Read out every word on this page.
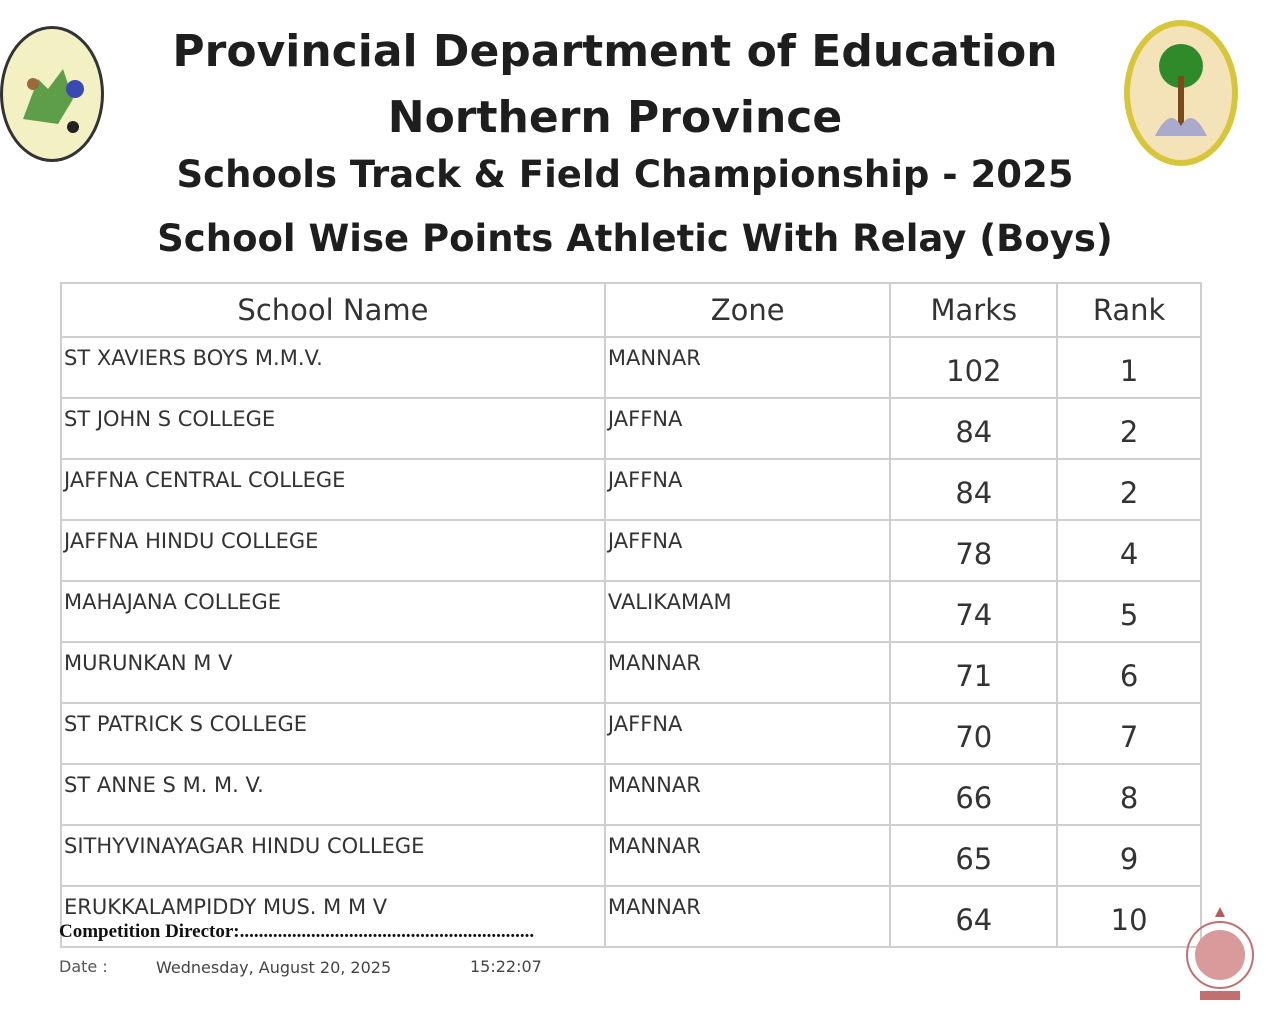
Provincial Department of Education
Northern Province
Schools Track & Field Championship - 2025
School Wise Points Athletic With Relay (Boys)
School Name	Zone	Marks	Rank
ST XAVIERS BOYS M.M.V.	MANNAR	102	1
ST JOHN S COLLEGE	JAFFNA	84	2
JAFFNA CENTRAL COLLEGE	JAFFNA	84	2
JAFFNA HINDU COLLEGE	JAFFNA	78	4
MAHAJANA COLLEGE	VALIKAMAM	74	5
MURUNKAN M V	MANNAR	71	6
ST PATRICK S COLLEGE	JAFFNA	70	7
ST ANNE S M. M. V.	MANNAR	66	8
SITHYVINAYAGAR HINDU COLLEGE	MANNAR	65	9
ERUKKALAMPIDDY MUS. M M V	MANNAR	64	10
Competition Director:..............................................................
Date :	Wednesday, August 20, 2025	15:22:07
